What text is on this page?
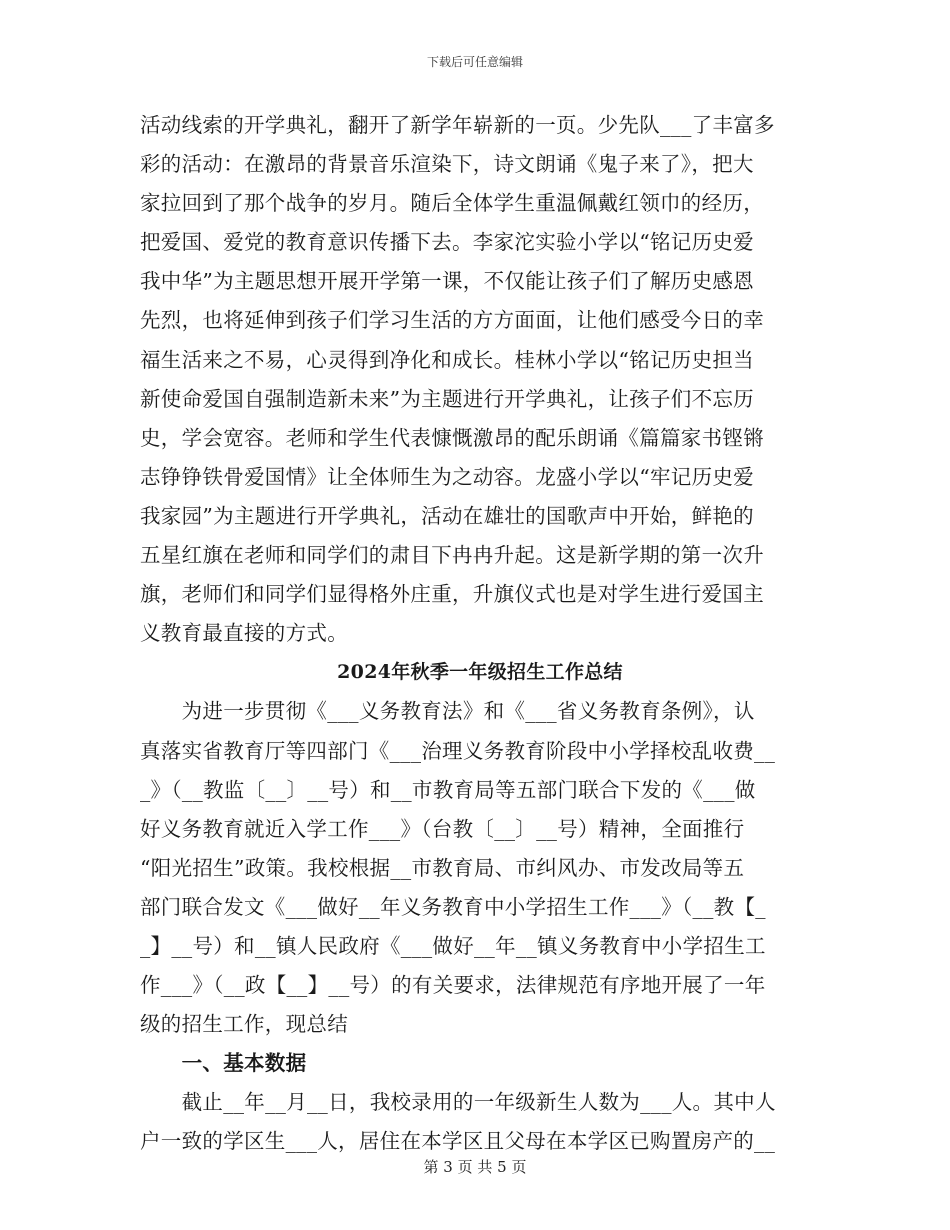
下载后可任意编辑
活动线索的开学典礼，翻开了新学年崭新的一页。少先队___了丰富多
彩的活动：在激昂的背景音乐渲染下，诗文朗诵《鬼子来了》，把大
家拉回到了那个战争的岁月。随后全体学生重温佩戴红领巾的经历，
把爱国、爱党的教育意识传播下去。李家沱实验小学以“铭记历史爱
我中华”为主题思想开展开学第一课，不仅能让孩子们了解历史感恩
先烈，也将延伸到孩子们学习生活的方方面面，让他们感受今日的幸
福生活来之不易，心灵得到净化和成长。桂林小学以“铭记历史担当
新使命爱国自强制造新未来”为主题进行开学典礼，让孩子们不忘历
史，学会宽容。老师和学生代表慷慨激昂的配乐朗诵《篇篇家书铿锵
志铮铮铁骨爱国情》让全体师生为之动容。龙盛小学以“牢记历史爱
我家园”为主题进行开学典礼，活动在雄壮的国歌声中开始，鲜艳的
五星红旗在老师和同学们的肃目下冉冉升起。这是新学期的第一次升
旗，老师们和同学们显得格外庄重，升旗仪式也是对学生进行爱国主
义教育最直接的方式。
2024年秋季一年级招生工作总结
　　为进一步贯彻《___义务教育法》和《___省义务教育条例》，认
真落实省教育厅等四部门《___治理义务教育阶段中小学择校乱收费__
_》（__教监〔__〕__号）和__市教育局等五部门联合下发的《___做
好义务教育就近入学工作___》（台教〔__〕__号）精神，全面推行
“阳光招生”政策。我校根据__市教育局、市纠风办、市发改局等五
部门联合发文《___做好__年义务教育中小学招生工作___》（__教【_
_】__号）和__镇人民政府《___做好__年__镇义务教育中小学招生工
作___》（__政【__】__号）的有关要求，法律规范有序地开展了一年
级的招生工作，现总结
　　一、基本数据
　　截止__年__月__日，我校录用的一年级新生人数为___人。其中人
户一致的学区生___人，居住在本学区且父母在本学区已购置房产的__
第 3 页 共 5 页
